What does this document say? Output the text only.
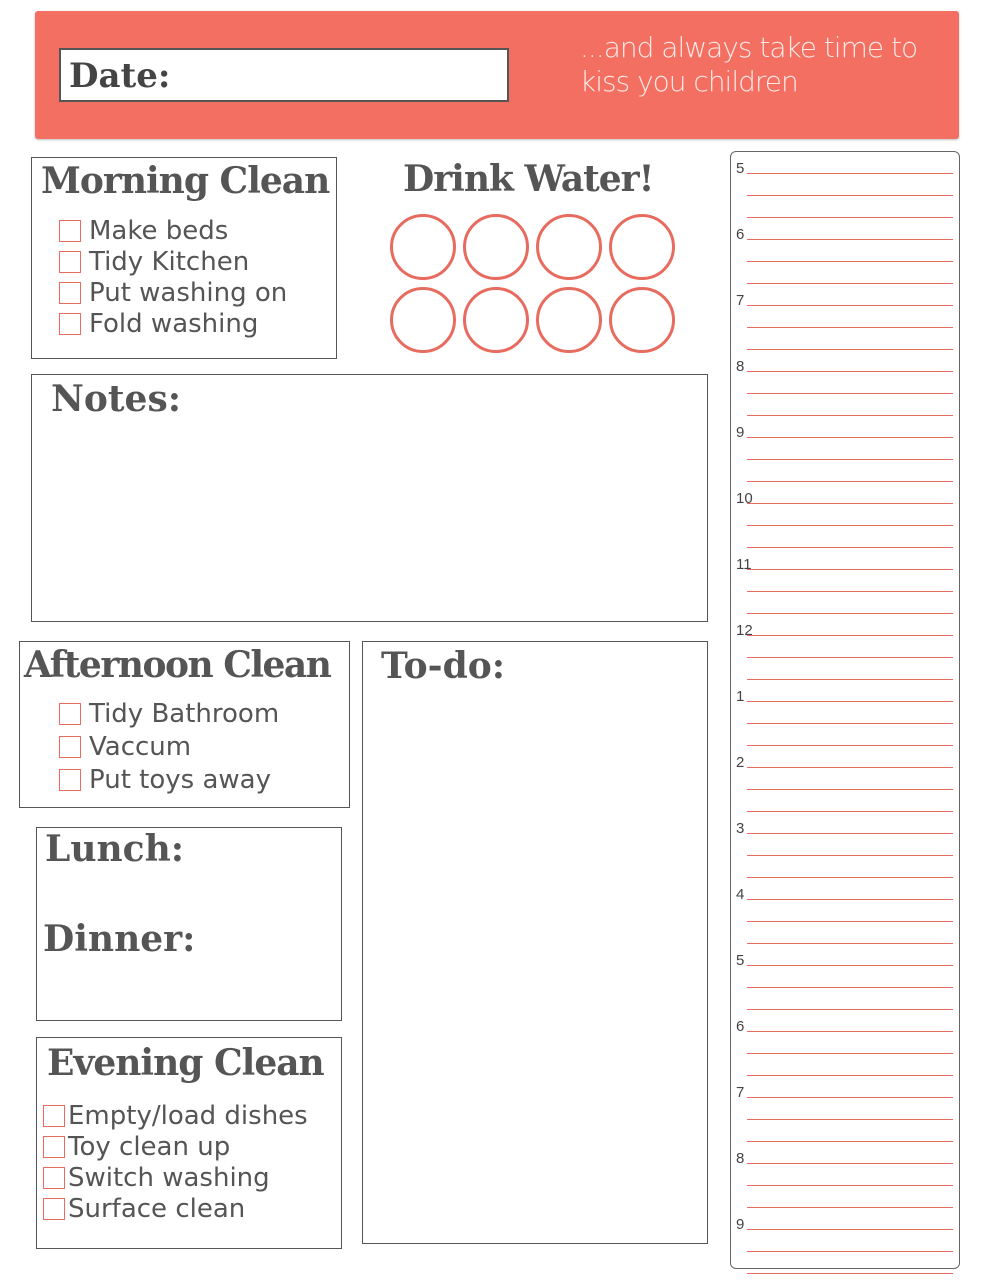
Date:
...and always take time to kiss you children
Morning Clean
Make beds
Tidy Kitchen
Put washing on
Fold washing
Drink Water!
Notes:
Afternoon Clean
Tidy Bathroom
Vaccum
Put toys away
To-do:
Lunch:
Dinner:
Evening Clean
Empty/load dishes
Toy clean up
Switch washing
Surface clean
5
6
7
8
9
10
11
12
1
2
3
4
5
6
7
8
9
